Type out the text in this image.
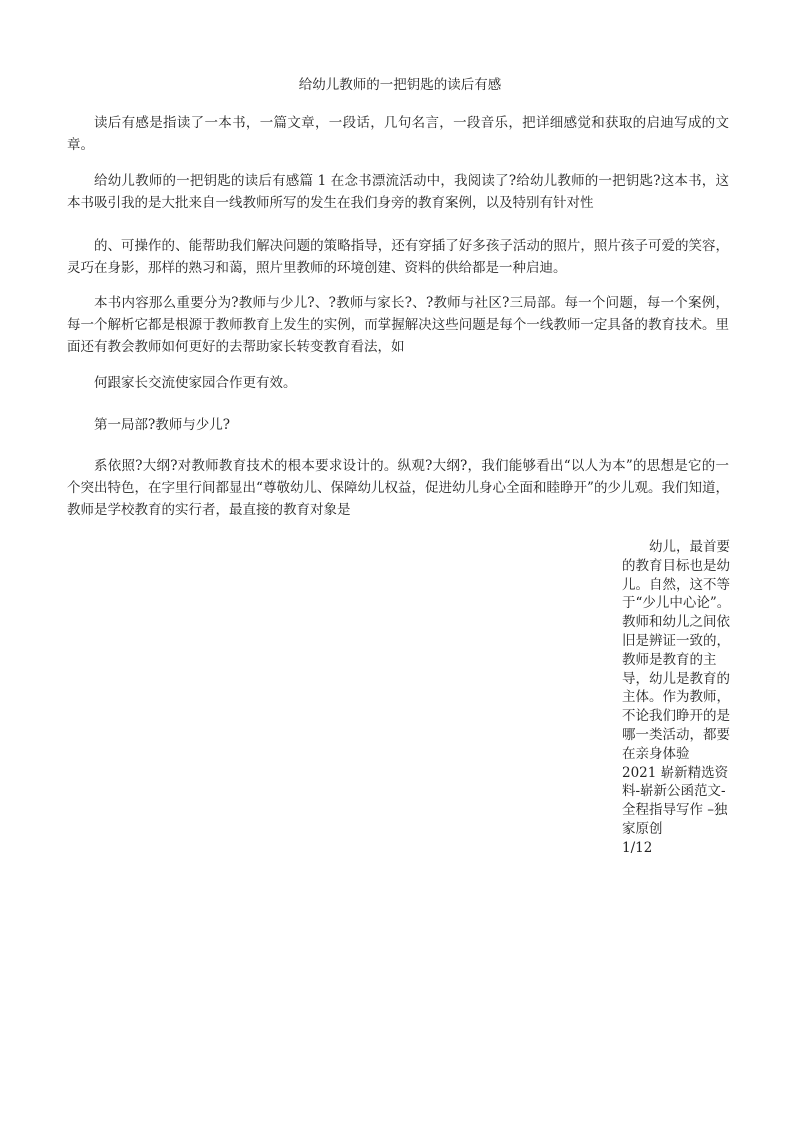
给幼儿教师的一把钥匙的读后有感

读后有感是指读了一本书，一篇文章，一段话，几句名言，一段音乐，把详细感觉和获取的启迪写成的文章。

给幼儿教师的一把钥匙的读后有感篇 1 在念书漂流活动中，我阅读了?给幼儿教师的一把钥匙?这本书，这本书吸引我的是大批来自一线教师所写的发生在我们身旁的教育案例，以及特别有针对性

的、可操作的、能帮助我们解决问题的策略指导，还有穿插了好多孩子活动的照片，照片孩子可爱的笑容，灵巧在身影，那样的熟习和蔼，照片里教师的环境创建、资料的供给都是一种启迪。

本书内容那么重要分为?教师与少儿?、?教师与家长?、?教师与社区?三局部。每一个问题，每一个案例，每一个解析它都是根源于教师教育上发生的实例，而掌握解决这些问题是每个一线教师一定具备的教育技术。里面还有教会教师如何更好的去帮助家长转变教育看法，如

何跟家长交流使家园合作更有效。

第一局部?教师与少儿?

系依照?大纲?对教师教育技术的根本要求设计的。纵观?大纲?，我们能够看出“以人为本”的思想是它的一个突出特色，在字里行间都显出“尊敬幼儿、保障幼儿权益，促进幼儿身心全面和睦睁开”的少儿观。我们知道，教师是学校教育的实行者，最直接的教育对象是

幼儿，最首要的教育目标也是幼儿。自然，这不等于“少儿中心论”。教师和幼儿之间依旧是辨证一致的，教师是教育的主导，幼儿是教育的主体。作为教师，不论我们睁开的是哪一类活动，都要在亲身体验

2021 崭新精选资料-崭新公函范文-全程指导写作 –独家原创

1/12
